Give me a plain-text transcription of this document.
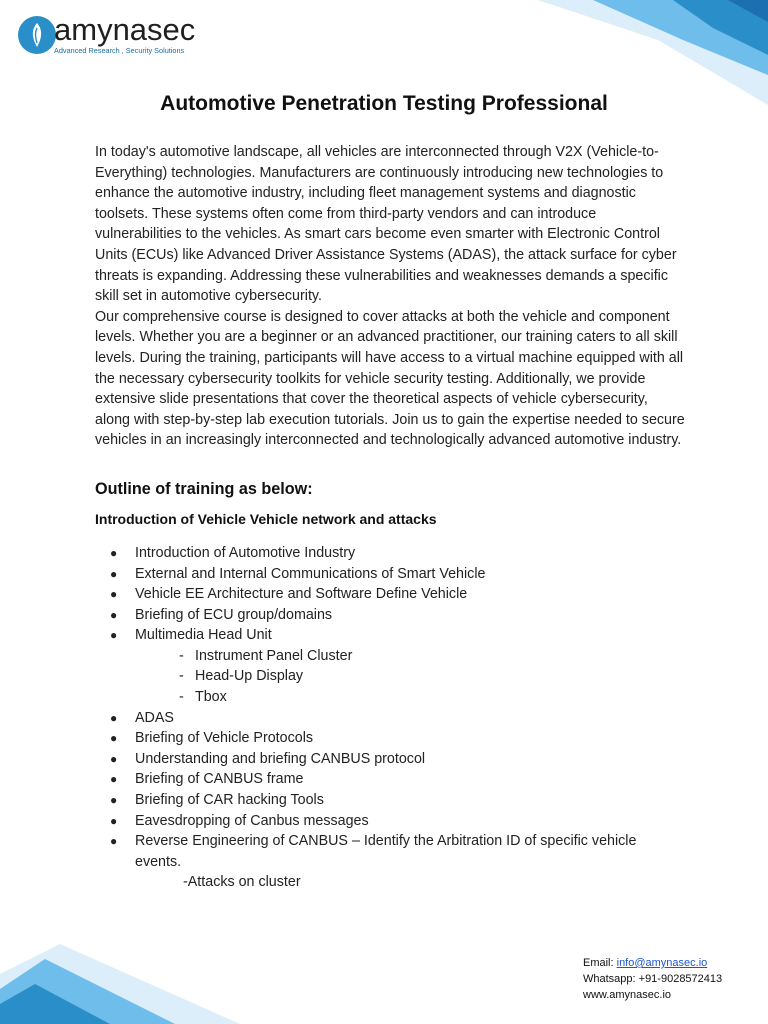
amynasec
Advanced Research , Security Solutions
Automotive Penetration Testing Professional

In today's automotive landscape, all vehicles are interconnected through V2X (Vehicle-to-Everything) technologies. Manufacturers are continuously introducing new technologies to enhance the automotive industry, including fleet management systems and diagnostic toolsets. These systems often come from third-party vendors and can introduce vulnerabilities to the vehicles. As smart cars become even smarter with Electronic Control Units (ECUs) like Advanced Driver Assistance Systems (ADAS), the attack surface for cyber threats is expanding. Addressing these vulnerabilities and weaknesses demands a specific skill set in automotive cybersecurity.

Our comprehensive course is designed to cover attacks at both the vehicle and component levels. Whether you are a beginner or an advanced practitioner, our training caters to all skill levels. During the training, participants will have access to a virtual machine equipped with all the necessary cybersecurity toolkits for vehicle security testing. Additionally, we provide extensive slide presentations that cover the theoretical aspects of vehicle cybersecurity, along with step-by-step lab execution tutorials. Join us to gain the expertise needed to secure vehicles in an increasingly interconnected and technologically advanced automotive industry.

Outline of training as below:
Introduction of Vehicle Vehicle network and attacks
● Introduction of Automotive Industry
● External and Internal Communications of Smart Vehicle
● Vehicle EE Architecture and Software Define Vehicle
● Briefing of ECU group/domains
● Multimedia Head Unit
- Instrument Panel Cluster
- Head-Up Display
- Tbox
● ADAS
● Briefing of Vehicle Protocols
● Understanding and briefing CANBUS protocol
● Briefing of CANBUS frame
● Briefing of CAR hacking Tools
● Eavesdropping of Canbus messages
● Reverse Engineering of CANBUS – Identify the Arbitration ID of specific vehicle events.
-Attacks on cluster
Email: info@amynasec.io
Whatsapp: +91-9028572413
www.amynasec.io
